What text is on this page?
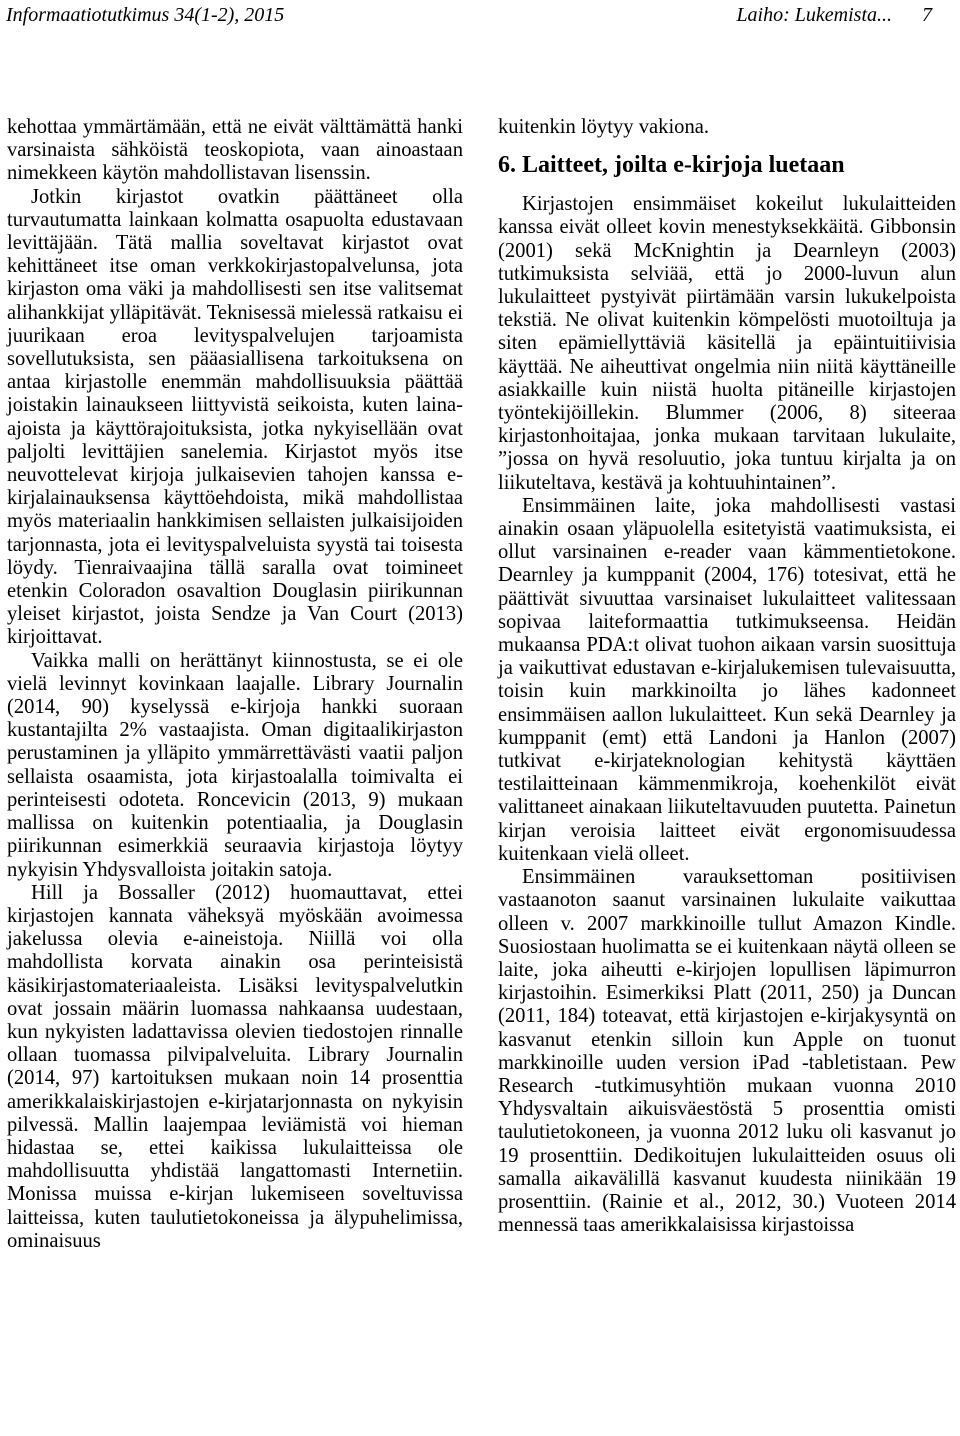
Informaatiotutkimus 34(1-2), 2015	Laiho: Lukemista... 7

kehottaa ymmärtämään, että ne eivät välttämättä hanki varsinaista sähköistä teoskopiota, vaan ainoastaan nimekkeen käytön mahdollistavan lisenssin.

Jotkin kirjastot ovatkin päättäneet olla turvautumatta lainkaan kolmatta osapuolta edustavaan levittäjään. Tätä mallia soveltavat kirjastot ovat kehittäneet itse oman verkkokirjastopalvelunsa, jota kirjaston oma väki ja mahdollisesti sen itse valitsemat alihankkijat ylläpitävät. Teknisessä mielessä ratkaisu ei juurikaan eroa levityspalvelujen tarjoamista sovellutuksista, sen pääasiallisena tarkoituksena on antaa kirjastolle enemmän mahdollisuuksia päättää joistakin lainaukseen liittyvistä seikoista, kuten laina-ajoista ja käyttörajoituksista, jotka nykyisellään ovat paljolti levittäjien sanelemia. Kirjastot myös itse neuvottelevat kirjoja julkaisevien tahojen kanssa e-kirjalainauksensa käyttöehdoista, mikä mahdollistaa myös materiaalin hankkimisen sellaisten julkaisijoiden tarjonnasta, jota ei levityspalveluista syystä tai toisesta löydy. Tienraivaajina tällä saralla ovat toimineet etenkin Coloradon osavaltion Douglasin piirikunnan yleiset kirjastot, joista Sendze ja Van Court (2013) kirjoittavat.

Vaikka malli on herättänyt kiinnostusta, se ei ole vielä levinnyt kovinkaan laajalle. Library Journalin (2014, 90) kyselyssä e-kirjoja hankki suoraan kustantajilta 2% vastaajista. Oman digitaalikirjaston perustaminen ja ylläpito ymmärrettävästi vaatii paljon sellaista osaamista, jota kirjastoalalla toimivalta ei perinteisesti odoteta. Roncevicin (2013, 9) mukaan mallissa on kuitenkin potentiaalia, ja Douglasin piirikunnan esimerkkiä seuraavia kirjastoja löytyy nykyisin Yhdysvalloista joitakin satoja.

Hill ja Bossaller (2012) huomauttavat, ettei kirjastojen kannata väheksyä myöskään avoimessa jakelussa olevia e-aineistoja. Niillä voi olla mahdollista korvata ainakin osa perinteisistä käsikirjastomateriaaleista. Lisäksi levityspalvelutkin ovat jossain määrin luomassa nahkaansa uudestaan, kun nykyisten ladattavissa olevien tiedostojen rinnalle ollaan tuomassa pilvipalveluita. Library Journalin (2014, 97) kartoituksen mukaan noin 14 prosenttia amerikkalaiskirjastojen e-kirjatarjonnasta on nykyisin pilvessä. Mallin laajempaa leviämistä voi hieman hidastaa se, ettei kaikissa lukulaitteissa ole mahdollisuutta yhdistää langattomasti Internetiin. Monissa muissa e-kirjan lukemiseen soveltuvissa laitteissa, kuten taulutietokoneissa ja älypuhelimissa, ominaisuus

kuitenkin löytyy vakiona.

6. Laitteet, joilta e-kirjoja luetaan

Kirjastojen ensimmäiset kokeilut lukulaitteiden kanssa eivät olleet kovin menestyksekkäitä. Gibbonsin (2001) sekä McKnightin ja Dearnleyn (2003) tutkimuksista selviää, että jo 2000-luvun alun lukulaitteet pystyivät piirtämään varsin lukukelpoista tekstiä. Ne olivat kuitenkin kömpelösti muotoiltuja ja siten epämiellyttäviä käsitellä ja epäintuitiivisia käyttää. Ne aiheuttivat ongelmia niin niitä käyttäneille asiakkaille kuin niistä huolta pitäneille kirjastojen työntekijöillekin. Blummer (2006, 8) siteeraa kirjastonhoitajaa, jonka mukaan tarvitaan lukulaite, ”jossa on hyvä resoluutio, joka tuntuu kirjalta ja on liikuteltava, kestävä ja kohtuuhintainen”.

Ensimmäinen laite, joka mahdollisesti vastasi ainakin osaan yläpuolella esitetyistä vaatimuksista, ei ollut varsinainen e-reader vaan kämmentietokone. Dearnley ja kumppanit (2004, 176) totesivat, että he päättivät sivuuttaa varsinaiset lukulaitteet valitessaan sopivaa laiteformaattia tutkimukseensa. Heidän mukaansa PDA:t olivat tuohon aikaan varsin suosittuja ja vaikuttivat edustavan e-kirjalukemisen tulevaisuutta, toisin kuin markkinoilta jo lähes kadonneet ensimmäisen aallon lukulaitteet. Kun sekä Dearnley ja kumppanit (emt) että Landoni ja Hanlon (2007) tutkivat e-kirjateknologian kehitystä käyttäen testilaitteinaan kämmenmikroja, koehenkilöt eivät valittaneet ainakaan liikuteltavuuden puutetta. Painetun kirjan veroisia laitteet eivät ergonomisuudessa kuitenkaan vielä olleet.

Ensimmäinen varauksettoman positiivisen vastaanoton saanut varsinainen lukulaite vaikuttaa olleen v. 2007 markkinoille tullut Amazon Kindle. Suosiostaan huolimatta se ei kuitenkaan näytä olleen se laite, joka aiheutti e-kirjojen lopullisen läpimurron kirjastoihin. Esimerkiksi Platt (2011, 250) ja Duncan (2011, 184) toteavat, että kirjastojen e-kirjakysyntä on kasvanut etenkin silloin kun Apple on tuonut markkinoille uuden version iPad -tabletistaan. Pew Research -tutkimusyhtiön mukaan vuonna 2010 Yhdysvaltain aikuisväestöstä 5 prosenttia omisti taulutietokoneen, ja vuonna 2012 luku oli kasvanut jo 19 prosenttiin. Dedikoitujen lukulaitteiden osuus oli samalla aikavälillä kasvanut kuudesta niinikään 19 prosenttiin. (Rainie et al., 2012, 30.) Vuoteen 2014 mennessä taas amerikkalaisissa kirjastoissa
